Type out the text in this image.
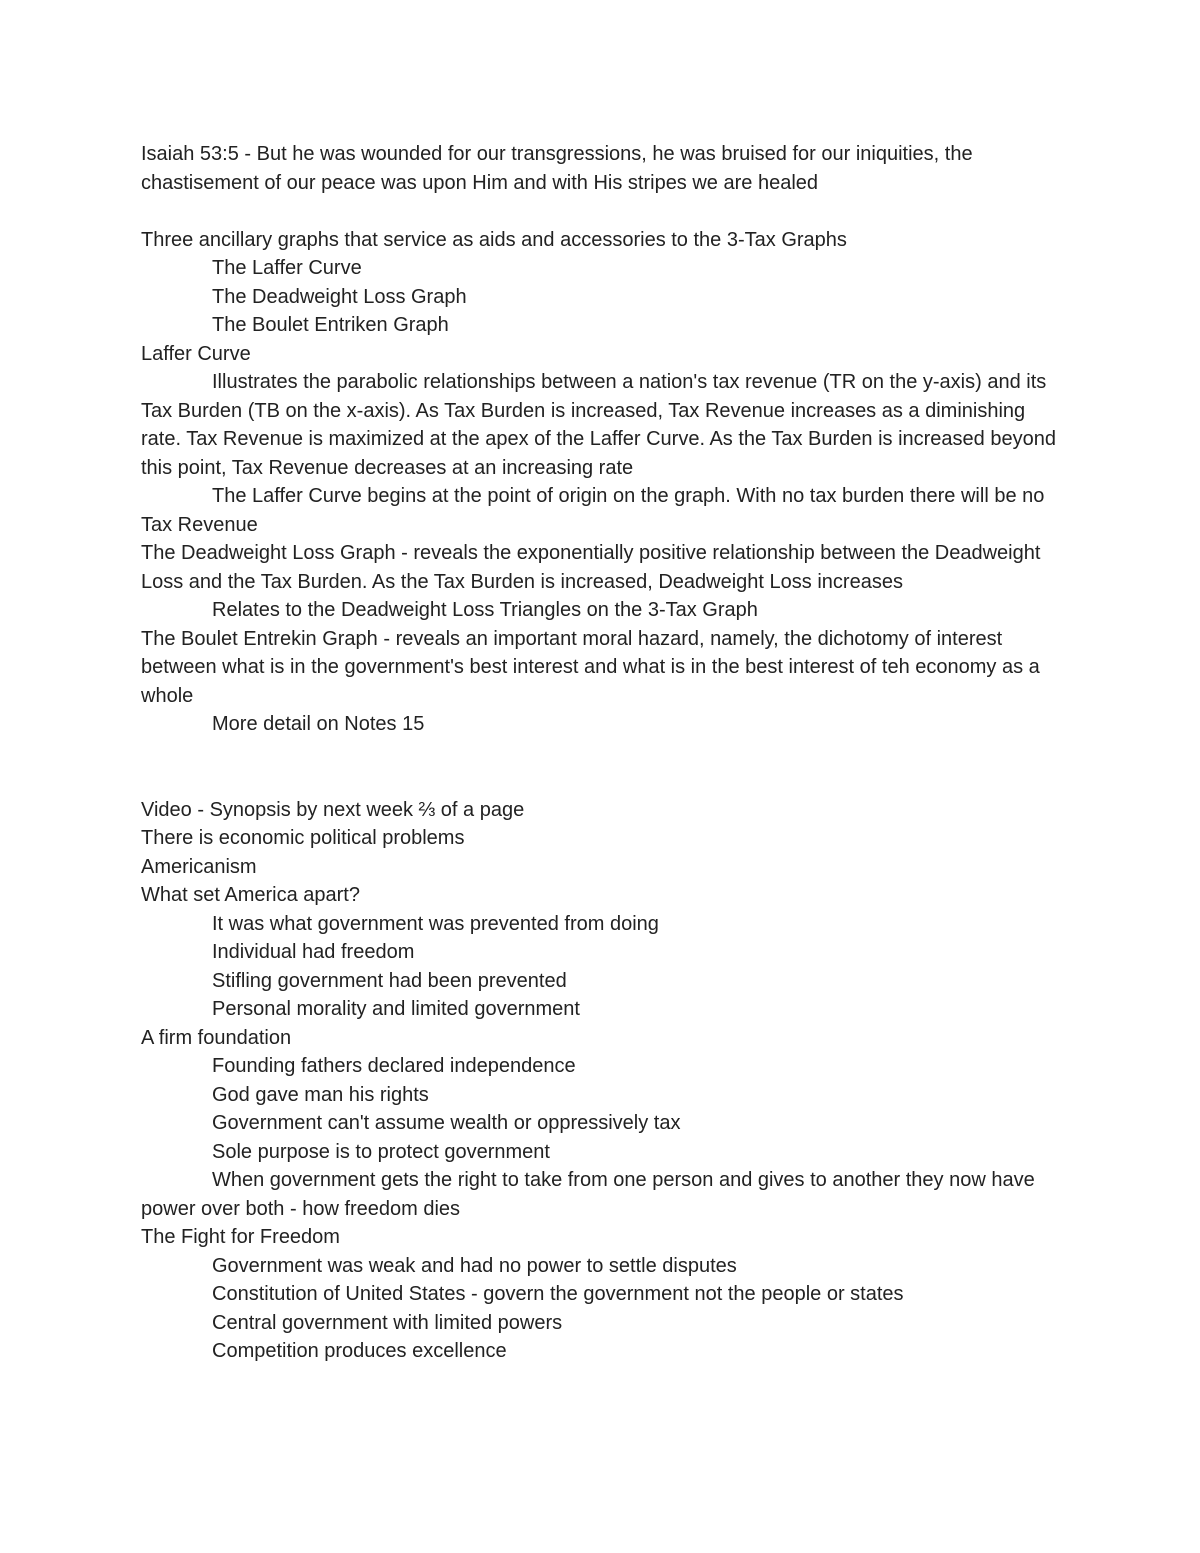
Isaiah 53:5 - But he was wounded for our transgressions, he was bruised for our iniquities, the chastisement of our peace was upon Him and with His stripes we are healed

Three ancillary graphs that service as aids and accessories to the 3-Tax Graphs

The Laffer Curve

The Deadweight Loss Graph

The Boulet Entriken Graph

Laffer Curve

Illustrates the parabolic relationships between a nation's tax revenue (TR on the y-axis) and its Tax Burden (TB on the x-axis). As Tax Burden is increased, Tax Revenue increases as a diminishing rate. Tax Revenue is maximized at the apex of the Laffer Curve. As the Tax Burden is increased beyond this point, Tax Revenue decreases at an increasing rate

The Laffer Curve begins at the point of origin on the graph. With no tax burden there will be no Tax Revenue

The Deadweight Loss Graph - reveals the exponentially positive relationship between the Deadweight Loss and the Tax Burden. As the Tax Burden is increased, Deadweight Loss increases

Relates to the Deadweight Loss Triangles on the 3-Tax Graph

The Boulet Entrekin Graph - reveals an important moral hazard, namely, the dichotomy of interest between what is in the government's best interest and what is in the best interest of teh economy as a whole

More detail on Notes 15

Video - Synopsis by next week ⅔ of a page

There is economic political problems

Americanism

What set America apart?

It was what government was prevented from doing

Individual had freedom

Stifling government had been prevented

Personal morality and limited government

A firm foundation

Founding fathers declared independence

God gave man his rights

Government can't assume wealth or oppressively tax

Sole purpose is to protect government

When government gets the right to take from one person and gives to another they now have power over both - how freedom dies

The Fight for Freedom

Government was weak and had no power to settle disputes

Constitution of United States - govern the government not the people or states

Central government with limited powers

Competition produces excellence
